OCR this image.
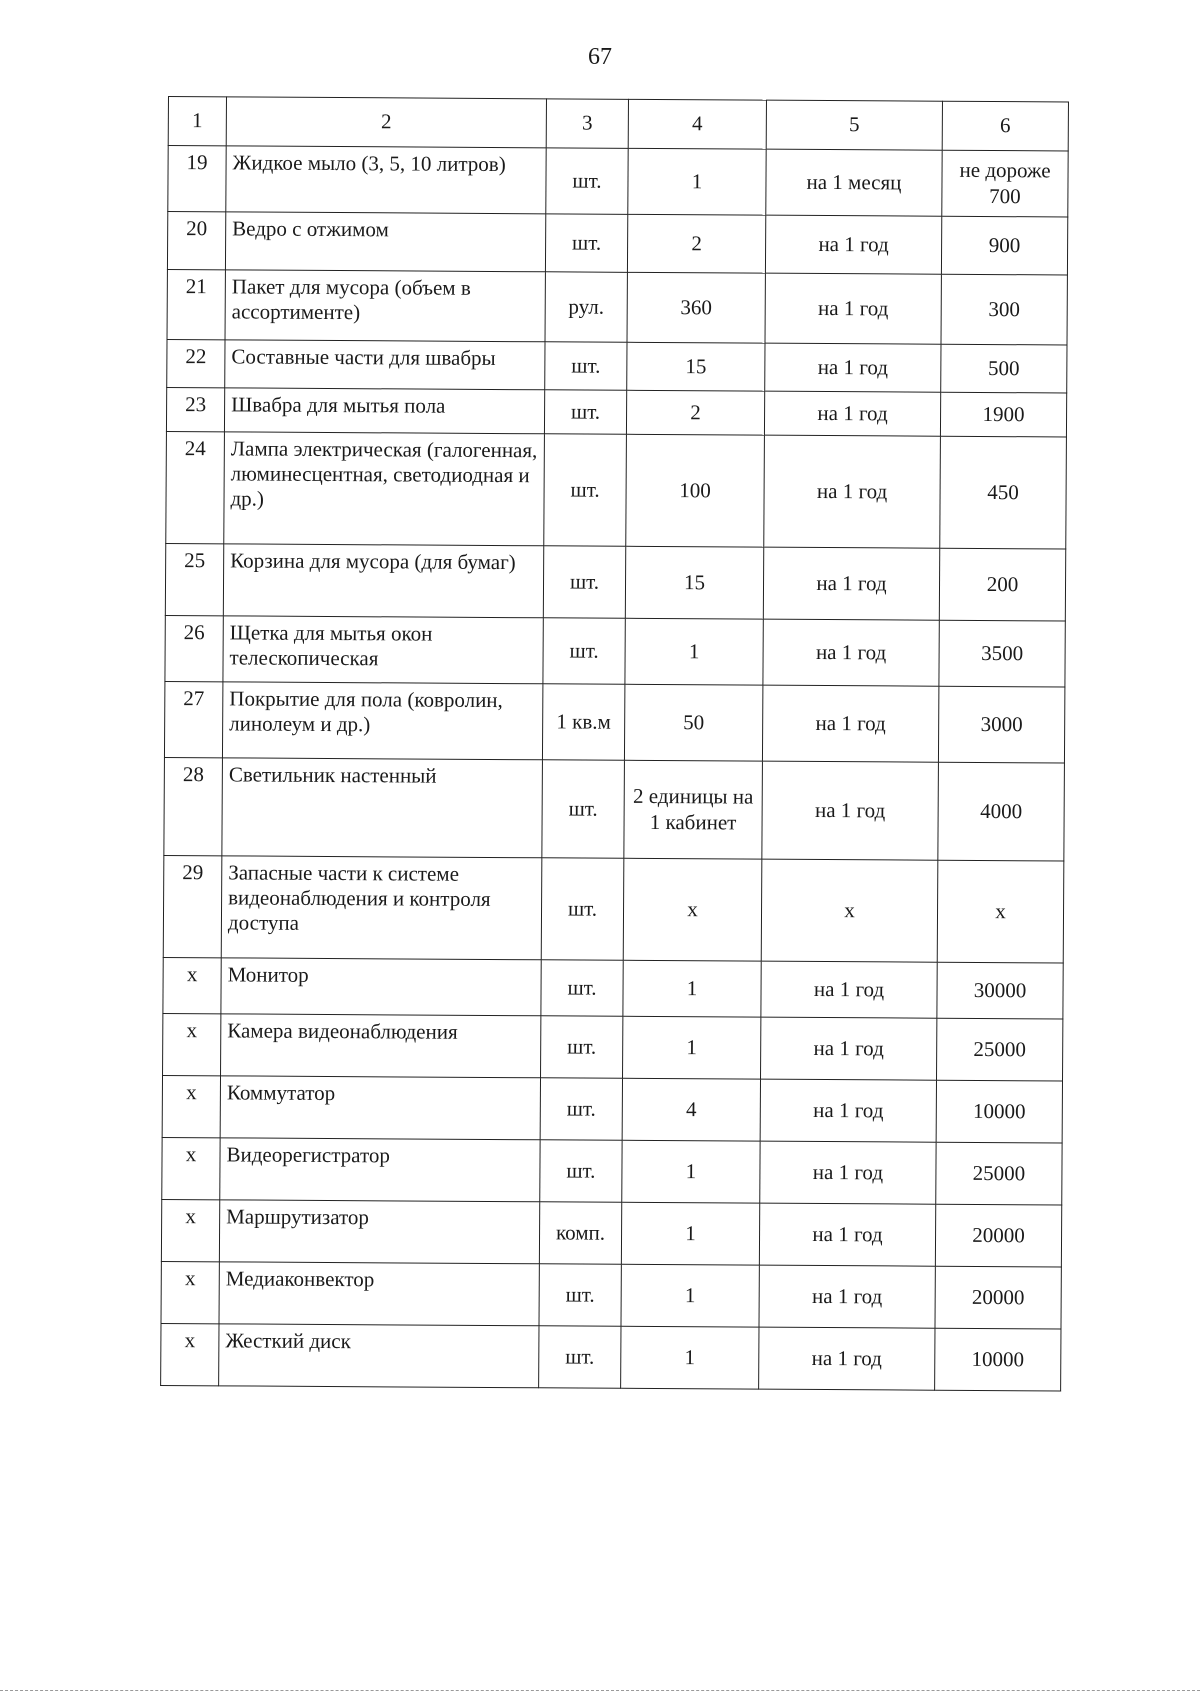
67
1	2	3	4	5	6
19	Жидкое мыло (3, 5, 10 литров)	шт.	1	на 1 месяц	не дороже 700
20	Ведро с отжимом	шт.	2	на 1 год	900
21	Пакет для мусора (объем в ассортименте)	рул.	360	на 1 год	300
22	Составные части для швабры	шт.	15	на 1 год	500
23	Швабра для мытья пола	шт.	2	на 1 год	1900
24	Лампа электрическая (галогенная, люминесцентная, светодиодная и др.)	шт.	100	на 1 год	450
25	Корзина для мусора (для бумаг)	шт.	15	на 1 год	200
26	Щетка для мытья окон телескопическая	шт.	1	на 1 год	3500
27	Покрытие для пола (ковролин, линолеум и др.)	1 кв.м	50	на 1 год	3000
28	Светильник настенный	шт.	2 единицы на 1 кабинет	на 1 год	4000
29	Запасные части к системе видеонаблюдения и контроля доступа	шт.	х	х	х
х	Монитор	шт.	1	на 1 год	30000
х	Камера видеонаблюдения	шт.	1	на 1 год	25000
х	Коммутатор	шт.	4	на 1 год	10000
х	Видеорегистратор	шт.	1	на 1 год	25000
х	Маршрутизатор	комп.	1	на 1 год	20000
х	Медиаконвектор	шт.	1	на 1 год	20000
х	Жесткий диск	шт.	1	на 1 год	10000
